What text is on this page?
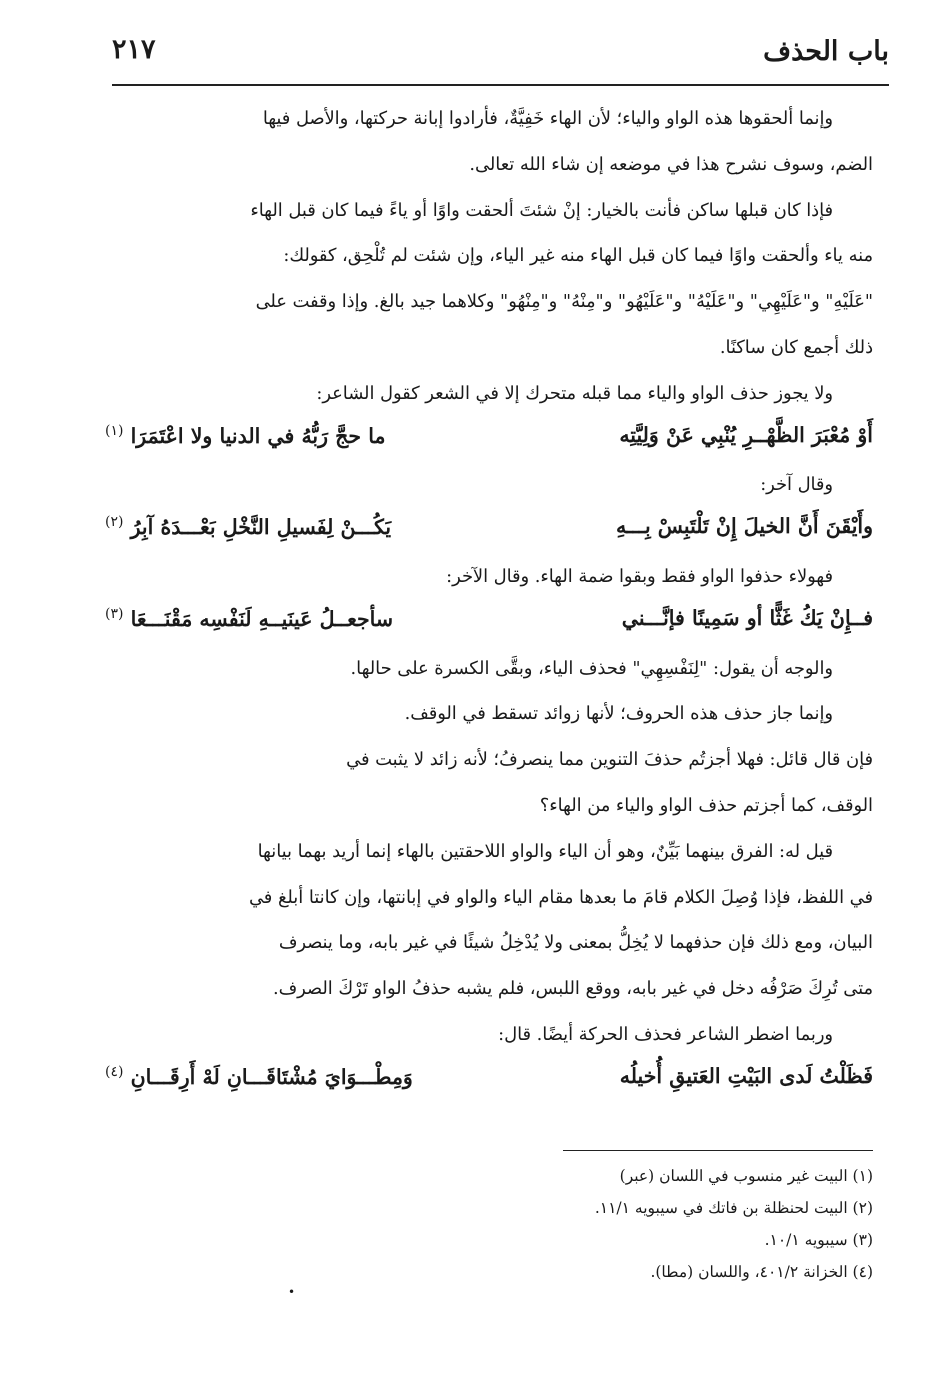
باب الحذف
٢١٧

وإنما ألحقوها هذه الواو والياء؛ لأن الهاء خَفِيَّةٌ، فأرادوا إبانة حركتها، والأصل فيها

الضم، وسوف نشرح هذا في موضعه إن شاء الله تعالى.

فإذا كان قبلها ساكن فأنت بالخيار: إنْ شئتَ ألحقت واوًا أو ياءً فيما كان قبل الهاء

منه ياء وألحقت واوًا فيما كان قبل الهاء منه غير الياء، وإن شئت لم تُلْحِق، كقولك:

"عَلَيْهِ" و"عَلَيْهِي" و"عَلَيْهُ" و"عَلَيْهُو" و"مِنْهُ" و"مِنْهُو" وكلاهما جيد بالغ. وإذا وقفت على

ذلك أجمع كان ساكنًا.

ولا يجوز حذف الواو والياء مما قبله متحرك إلا في الشعر كقول الشاعر:

أَوْ مُعْبَرَ الظَّهْــرِ يُنْبِي عَنْ وَلِيَّتِه
ما حجَّ رَبُّهُ في الدنيا ولا اعْتَمَرَا $^{(١)}$

وقال آخر:

وأَيْقَنَ أَنَّ الخيلَ إِنْ تَلْتَبِسْ بِـــهِ
يَكُـــنْ لِفَسيلِ النَّخْلِ بَعْـــدَهُ آبِرُ $^{(٢)}$

فهولاء حذفوا الواو فقط وبقوا ضمة الهاء. وقال الآخر:

فــإِنْ يَكُ غَثًّا أو سَمِينًا فإنَّـــني
سأجعــلُ عَينَيــهِ لَنَفْسِه مَقْنَـــعَا $^{(٣)}$

والوجه أن يقول: "لِنَفْسِهِي" فحذف الياء، وبقَّى الكسرة على حالها.

وإنما جاز حذف هذه الحروف؛ لأنها زوائد تسقط في الوقف.

فإن قال قائل: فهلا أجزتُم حذفَ التنوين مما ينصرفُ؛ لأنه زائد لا يثبت في

الوقف، كما أجزتم حذف الواو والياء من الهاء؟

قيل له: الفرق بينهما بَيِّنٌ، وهو أن الياء والواو اللاحقتين بالهاء إنما أريد بهما بيانها

في اللفظ، فإذا وُصِلَ الكلام قامَ ما بعدها مقام الياء والواو في إبانتها، وإن كانتا أبلغ في

البيان، ومع ذلك فإن حذفهما لا يُخِلُّ بمعنى ولا يُدْخِلُ شيئًا في غير بابه، وما ينصرف

متى تُرِكَ صَرْفُه دخل في غير بابه، ووقع اللبس، فلم يشبه حذفُ الواو تَرْكَ الصرف.

وربما اضطر الشاعر فحذف الحركة أيضًا. قال:

فَظَلْتُ لَدى البَيْتِ العَتيقِ أُخيلُه
وَمِطْـــوَايَ مُشْتَاقَـــانِ لَهْ أَرِقَـــانِ $^{(٤)}$

(١) البيت غير منسوب في اللسان (عبر)

(٢) البيت لحنظلة بن فاتك في سيبويه ١١/١.

(٣) سيبويه ١٠/١.

(٤) الخزانة ٤٠١/٢، واللسان (مطا).

•
